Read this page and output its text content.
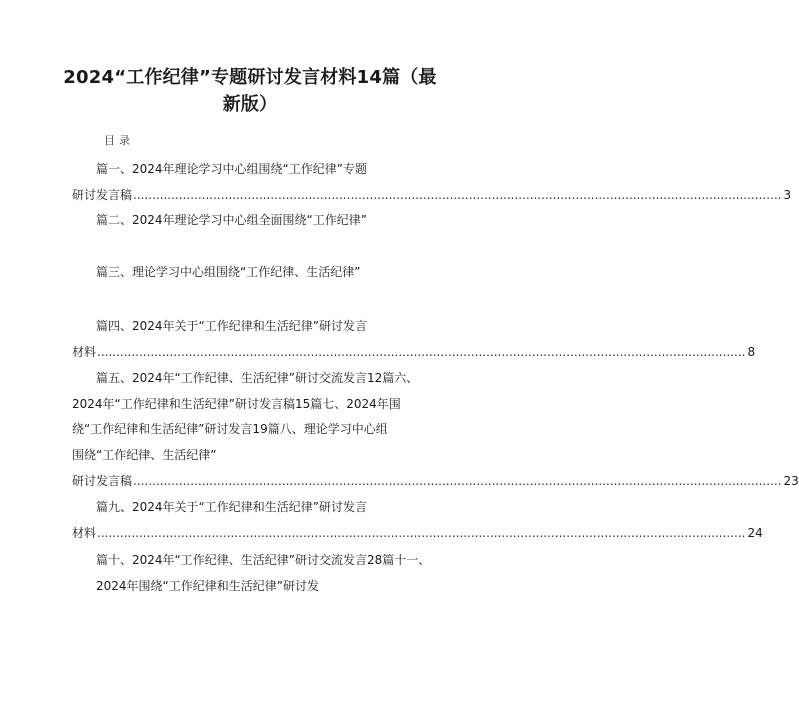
2024“工作纪律”专题研讨发言材料14篇（最
新版）
目录
篇一、2024年理论学习中心组围绕“工作纪律”专题
研讨发言稿 .......................................................................................................................................................................... 3
篇二、2024年理论学习中心组全面围绕“工作纪律”
篇三、理论学习中心组围绕“工作纪律、生活纪律”
篇四、2024年关于“工作纪律和生活纪律”研讨发言
材料 .......................................................................................................................................................................... 8
篇五、2024年“工作纪律、生活纪律”研讨交流发言12篇六、
2024年“工作纪律和生活纪律”研讨发言稿15篇七、2024年围
绕“工作纪律和生活纪律”研讨发言19篇八、理论学习中心组
围绕“工作纪律、生活纪律”
研讨发言稿 .......................................................................................................................................................................... 23
篇九、2024年关于“工作纪律和生活纪律”研讨发言
材料 .......................................................................................................................................................................... 24
篇十、2024年“工作纪律、生活纪律”研讨交流发言28篇十一、
2024年围绕“工作纪律和生活纪律”研讨发
